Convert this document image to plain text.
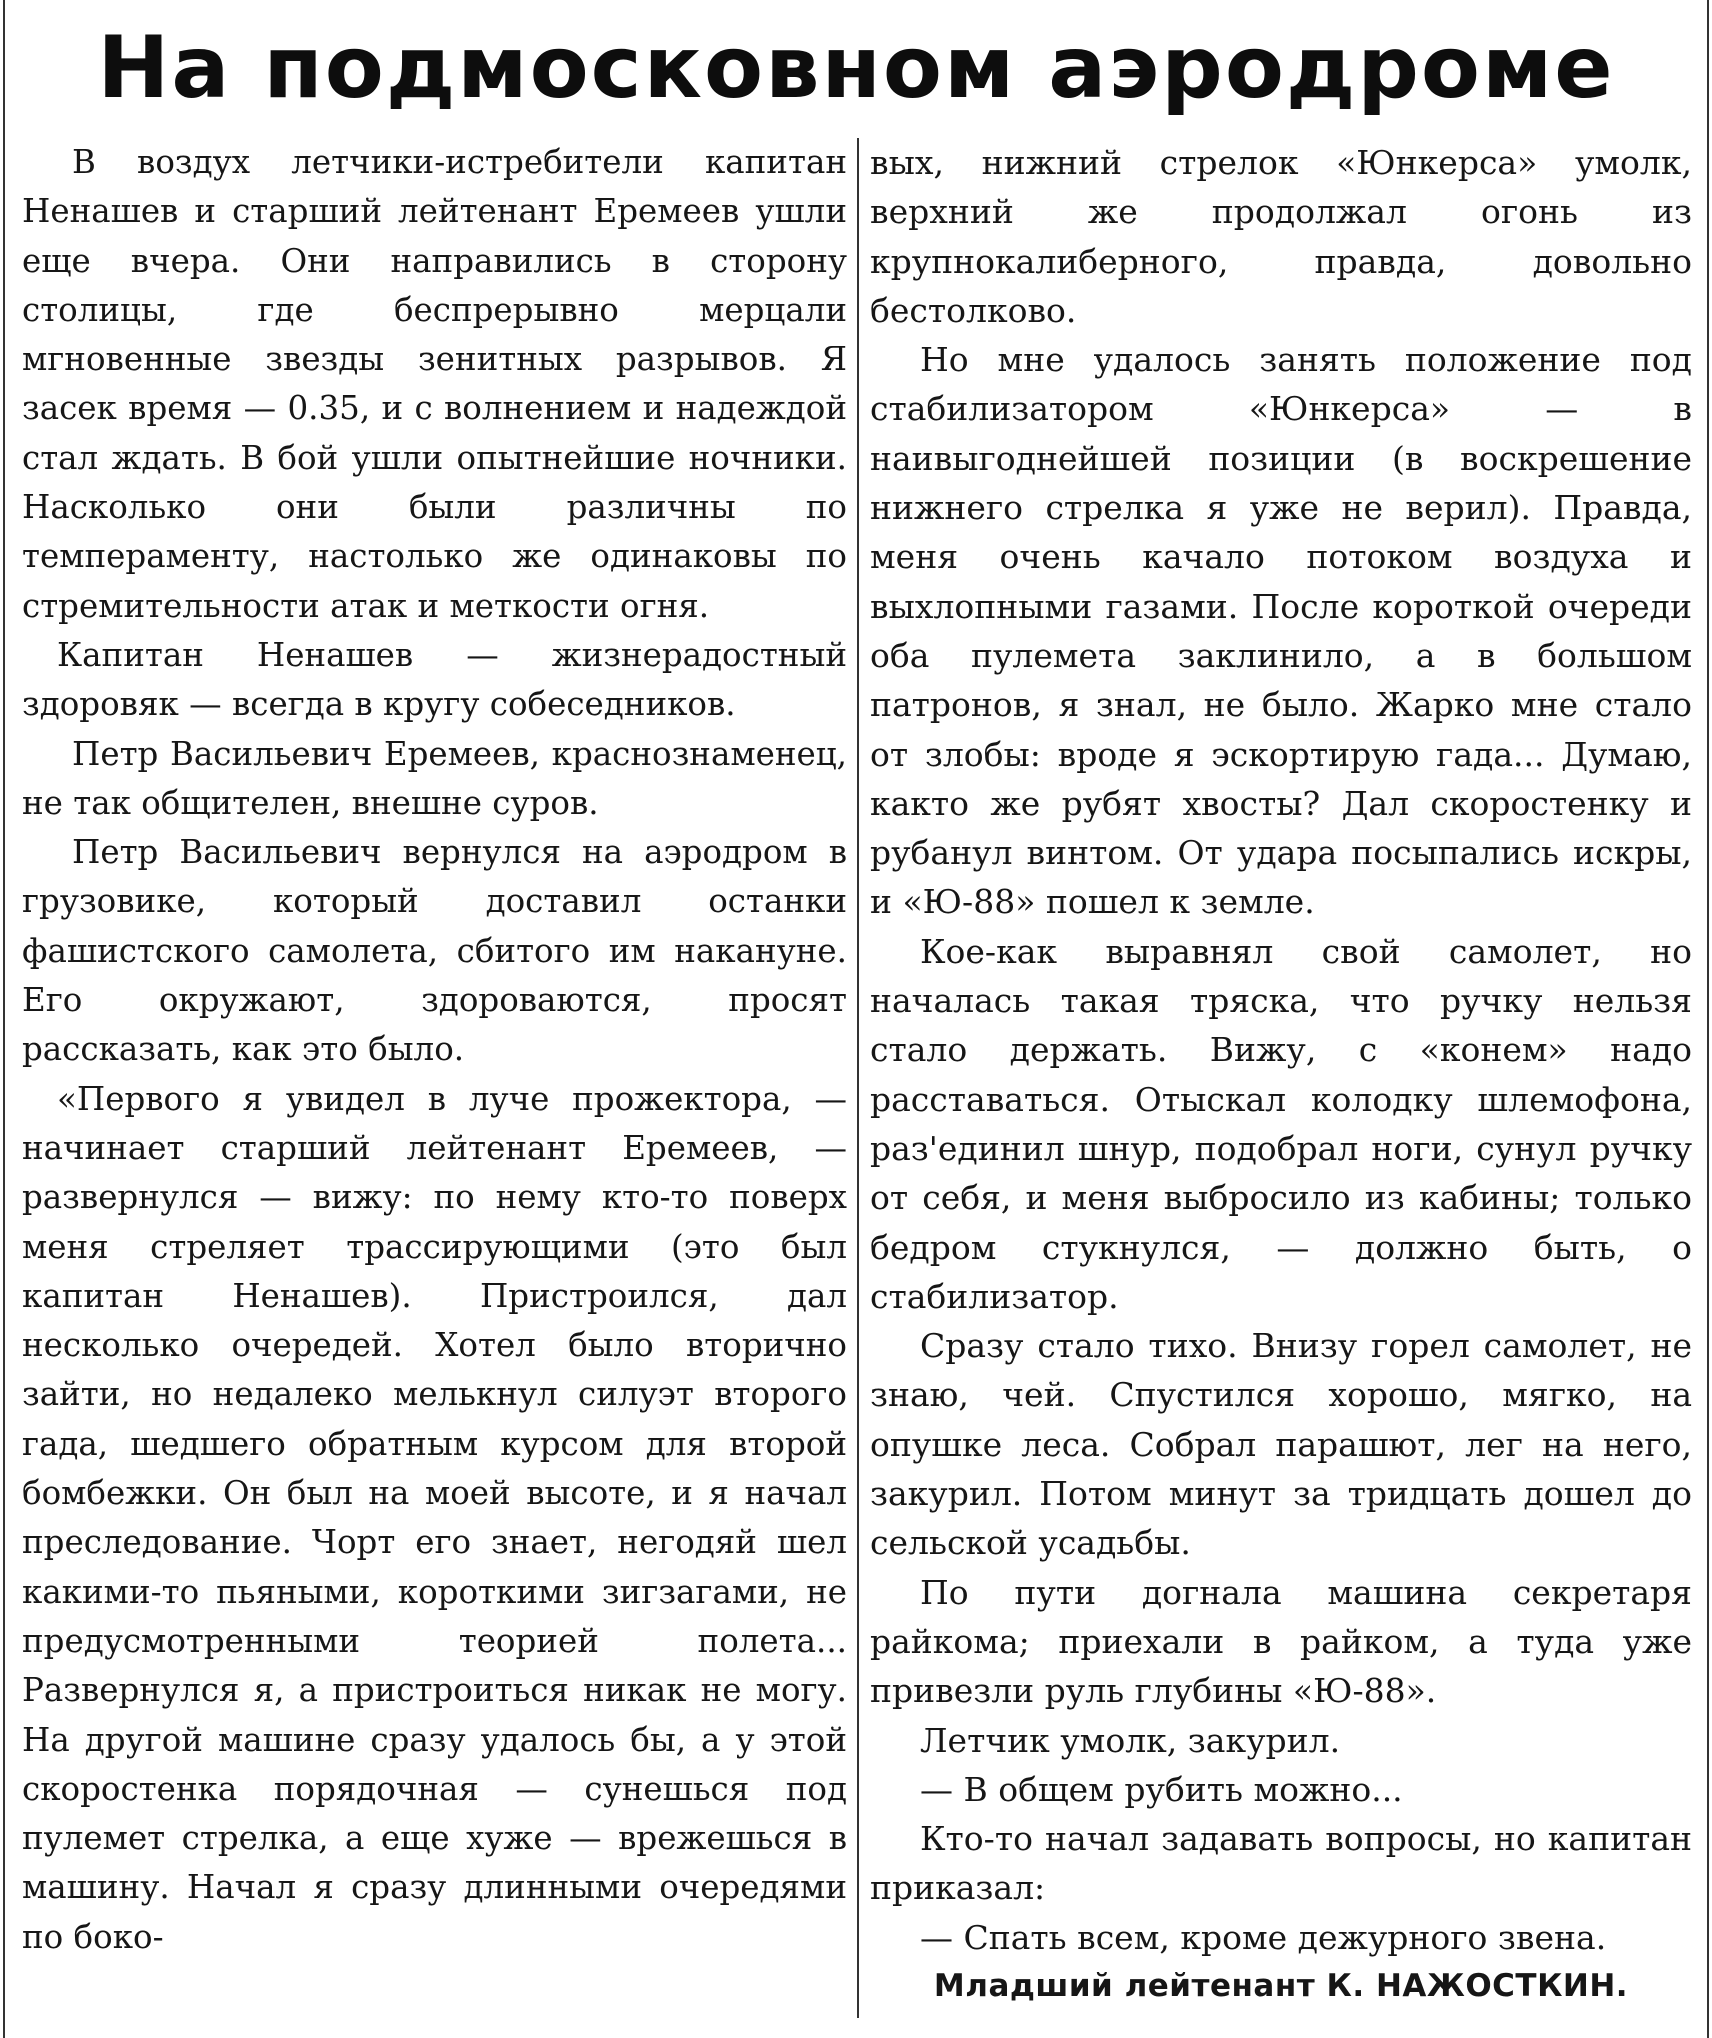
На подмосковном аэродроме

В воздух летчики-истребители капитан Ненашев и старший лейтенант Еремеев ушли еще вчера. Они направились в сторону столицы, где беспрерывно мерцали мгновенные звезды зенитных разрывов. Я засек время — 0.35, и с волнением и надеждой стал ждать. В бой ушли опытнейшие ночники. Насколько они были различны по темпераменту, настолько же одинаковы по стремительности атак и меткости огня.

Капитан Ненашев — жизнерадостный здоровяк — всегда в кругу собеседников.

Петр Васильевич Еремеев, краснознаменец, не так общителен, внешне суров.

Петр Васильевич вернулся на аэродром в грузовике, который доставил останки фашистского самолета, сбитого им накануне. Его окружают, здороваются, просят рассказать, как это было.

«Первого я увидел в луче прожектора, — начинает старший лейтенант Еремеев, — развернулся — вижу: по нему кто-то поверх меня стреляет трассирующими (это был капитан Ненашев). Пристроился, дал несколько очередей. Хотел было вторично зайти, но недалеко мелькнул силуэт второго гада, шедшего обратным курсом для второй бомбежки. Он был на моей высоте, и я начал преследование. Чорт его знает, негодяй шел какими-то пьяными, короткими зигзагами, не предусмотренными теорией полета... Развернулся я, а пристроиться никак не могу. На другой машине сразу удалось бы, а у этой скоростенка порядочная — сунешься под пулемет стрелка, а еще хуже — врежешься в машину. Начал я сразу длинными очередями по боко-

вых, нижний стрелок «Юнкерса» умолк, верхний же продолжал огонь из крупнокалиберного, правда, довольно бестолково.

Но мне удалось занять положение под стабилизатором «Юнкерса» — в наивыгоднейшей позиции (в воскрешение нижнего стрелка я уже не верил). Правда, меня очень качало потоком воздуха и выхлопными газами. После короткой очереди оба пулемета заклинило, а в большом патронов, я знал, не было. Жарко мне стало от злобы: вроде я эскортирую гада... Думаю, както же рубят хвосты? Дал скоростенку и рубанул винтом. От удара посыпались искры, и «Ю-88» пошел к земле.

Кое-как выравнял свой самолет, но началась такая тряска, что ручку нельзя стало держать. Вижу, с «конем» надо расставаться. Отыскал колодку шлемофона, раз'единил шнур, подобрал ноги, сунул ручку от себя, и меня выбросило из кабины; только бедром стукнулся, — должно быть, о стабилизатор.

Сразу стало тихо. Внизу горел самолет, не знаю, чей. Спустился хорошо, мягко, на опушке леса. Собрал парашют, лег на него, закурил. Потом минут за тридцать дошел до сельской усадьбы.

По пути догнала машина секретаря райкома; приехали в райком, а туда уже привезли руль глубины «Ю-88».

Летчик умолк, закурил.

— В общем рубить можно...

Кто-то начал задавать вопросы, но капитан приказал:

— Спать всем, кроме дежурного звена.

Младший лейтенант К. НАЖОСТКИН.
